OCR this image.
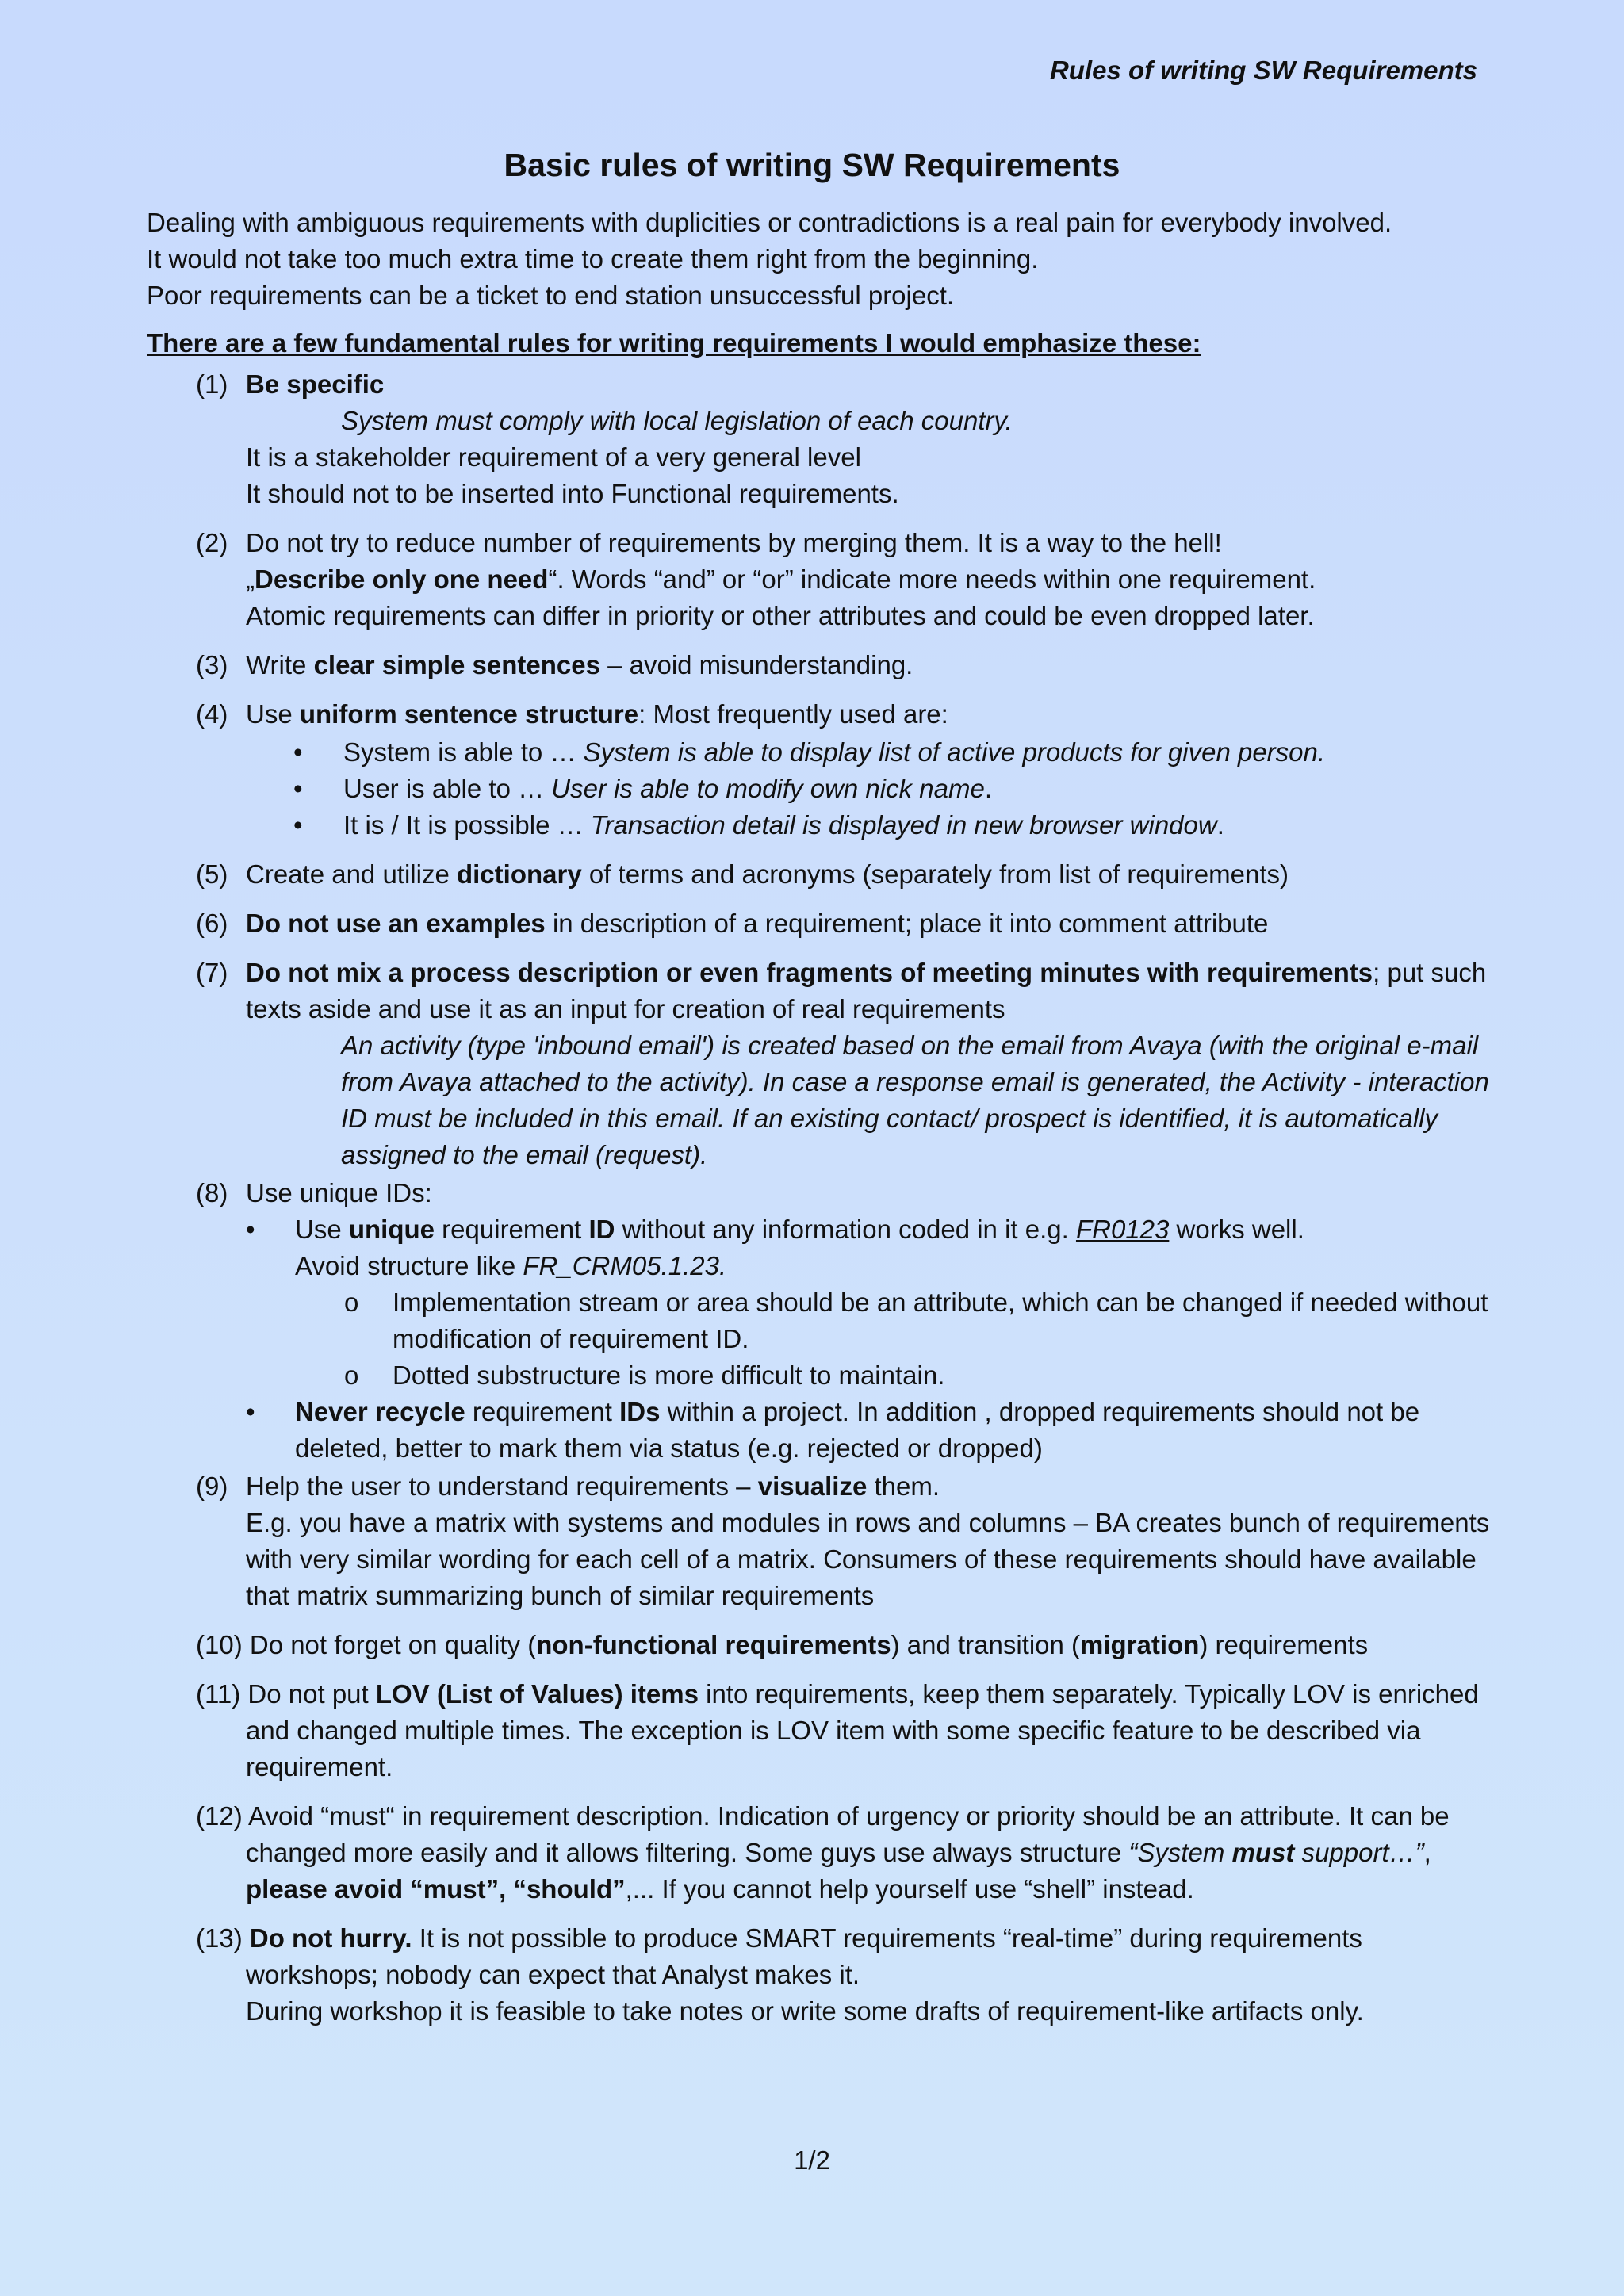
Rules of writing SW Requirements
Basic rules of writing SW Requirements

Dealing with ambiguous requirements with duplicities or contradictions is a real pain for everybody involved.

It would not take too much extra time to create them right from the beginning.

Poor requirements can be a ticket to end station unsuccessful project.

There are a few fundamental rules for writing requirements I would emphasize these:
(1) Be specific

System must comply with local legislation of each country.

It is a stakeholder requirement of a very general level

It should not to be inserted into Functional requirements.

(2) Do not try to reduce number of requirements by merging them. It is a way to the hell!

„Describe only one need“. Words “and” or “or” indicate more needs within one requirement.

Atomic requirements can differ in priority or other attributes and could be even dropped later.

(3) Write clear simple sentences – avoid misunderstanding.

(4) Use uniform sentence structure: Most frequently used are:

• System is able to … System is able to display list of active products for given person.
• User is able to … User is able to modify own nick name.
• It is / It is possible … Transaction detail is displayed in new browser window.
(5) Create and utilize dictionary of terms and acronyms (separately from list of requirements)

(6) Do not use an examples in description of a requirement; place it into comment attribute

(7) Do not mix a process description or even fragments of meeting minutes with requirements; put such texts aside and use it as an input for creation of real requirements

An activity (type 'inbound email') is created based on the email from Avaya (with the original e-mail from Avaya attached to the activity). In case a response email is generated, the Activity - interaction ID must be included in this email. If an existing contact/ prospect is identified, it is automatically assigned to the email (request).

(8) Use unique IDs:

• Use unique requirement ID without any information coded in it e.g. FR0123 works well.
Avoid structure like FR_CRM05.1.23.
o Implementation stream or area should be an attribute, which can be changed if needed without modification of requirement ID.
o Dotted substructure is more difficult to maintain.
• Never recycle requirement IDs within a project. In addition , dropped requirements should not be deleted, better to mark them via status (e.g. rejected or dropped)
(9) Help the user to understand requirements – visualize them.

E.g. you have a matrix with systems and modules in rows and columns – BA creates bunch of requirements with very similar wording for each cell of a matrix. Consumers of these requirements should have available that matrix summarizing bunch of similar requirements

(10) Do not forget on quality (non-functional requirements) and transition (migration) requirements

(11) Do not put LOV (List of Values) items into requirements, keep them separately. Typically LOV is enriched and changed multiple times. The exception is LOV item with some specific feature to be described via requirement.

(12) Avoid “must“ in requirement description. Indication of urgency or priority should be an attribute. It can be changed more easily and it allows filtering. Some guys use always structure “System must support…”, please avoid “must”, “should”,... If you cannot help yourself use “shell” instead.

(13) Do not hurry. It is not possible to produce SMART requirements “real-time” during requirements workshops; nobody can expect that Analyst makes it.

During workshop it is feasible to take notes or write some drafts of requirement-like artifacts only.

1/2
